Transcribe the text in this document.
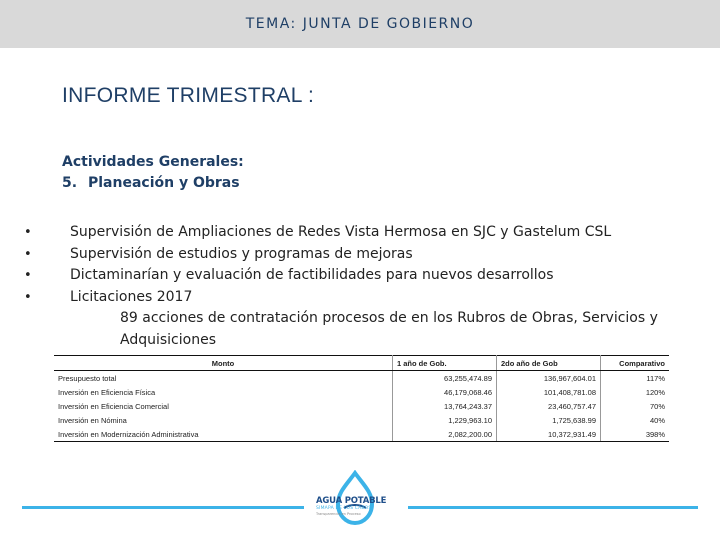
TEMA: JUNTA DE GOBIERNO
INFORME TRIMESTRAL :
Actividades Generales:
5. Planeación y Obras
• Supervisión de Ampliaciones de Redes Vista Hermosa en SJC y Gastelum CSL
• Supervisión de estudios y programas de mejoras
• Dictaminarían y evaluación de factibilidades para nuevos desarrollos
• Licitaciones 2017
89 acciones de contratación procesos de en los Rubros de Obras, Servicios y Adquisiciones
Monto	1 año de Gob.	2do año de Gob	Comparativo
Presupuesto total	63,255,474.89	136,967,604.01	117%
Inversión en Eficiencia Física	46,179,068.46	101,408,781.08	120%
Inversión en Eficiencia Comercial	13,764,243.37	23,460,757.47	70%
Inversión en Nómina	1,229,963.10	1,725,638.99	40%
Inversión en Modernización Administrativa	2,082,200.00	10,372,931.49	398%
AGUA POTABLE
SIMAPA DE LOS CABOS
Transparencia en Proceso
